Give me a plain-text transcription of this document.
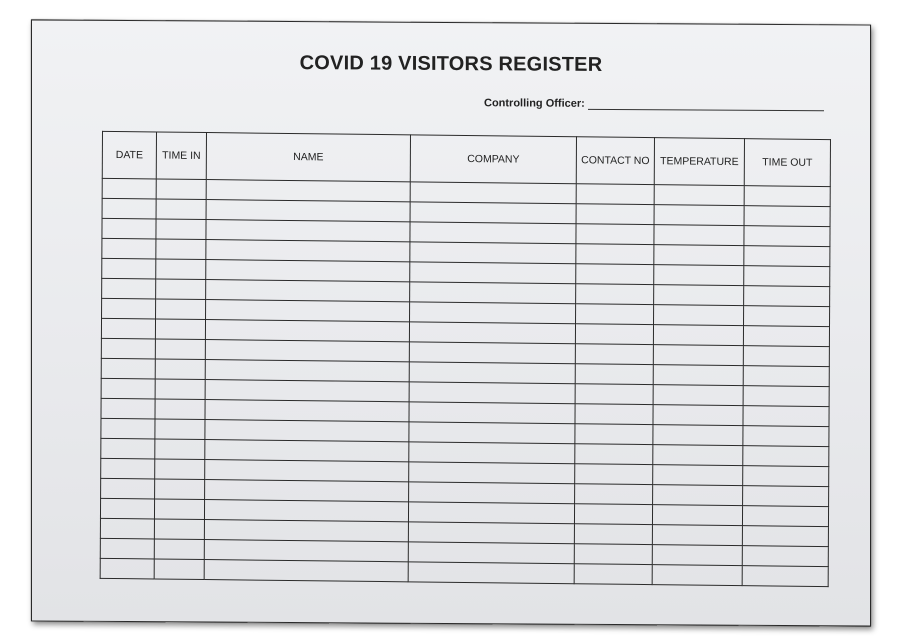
COVID 19 VISITORS REGISTER
Controlling Officer:
DATE	TIME IN	NAME	COMPANY	CONTACT NO	TEMPERATURE	TIME OUT
